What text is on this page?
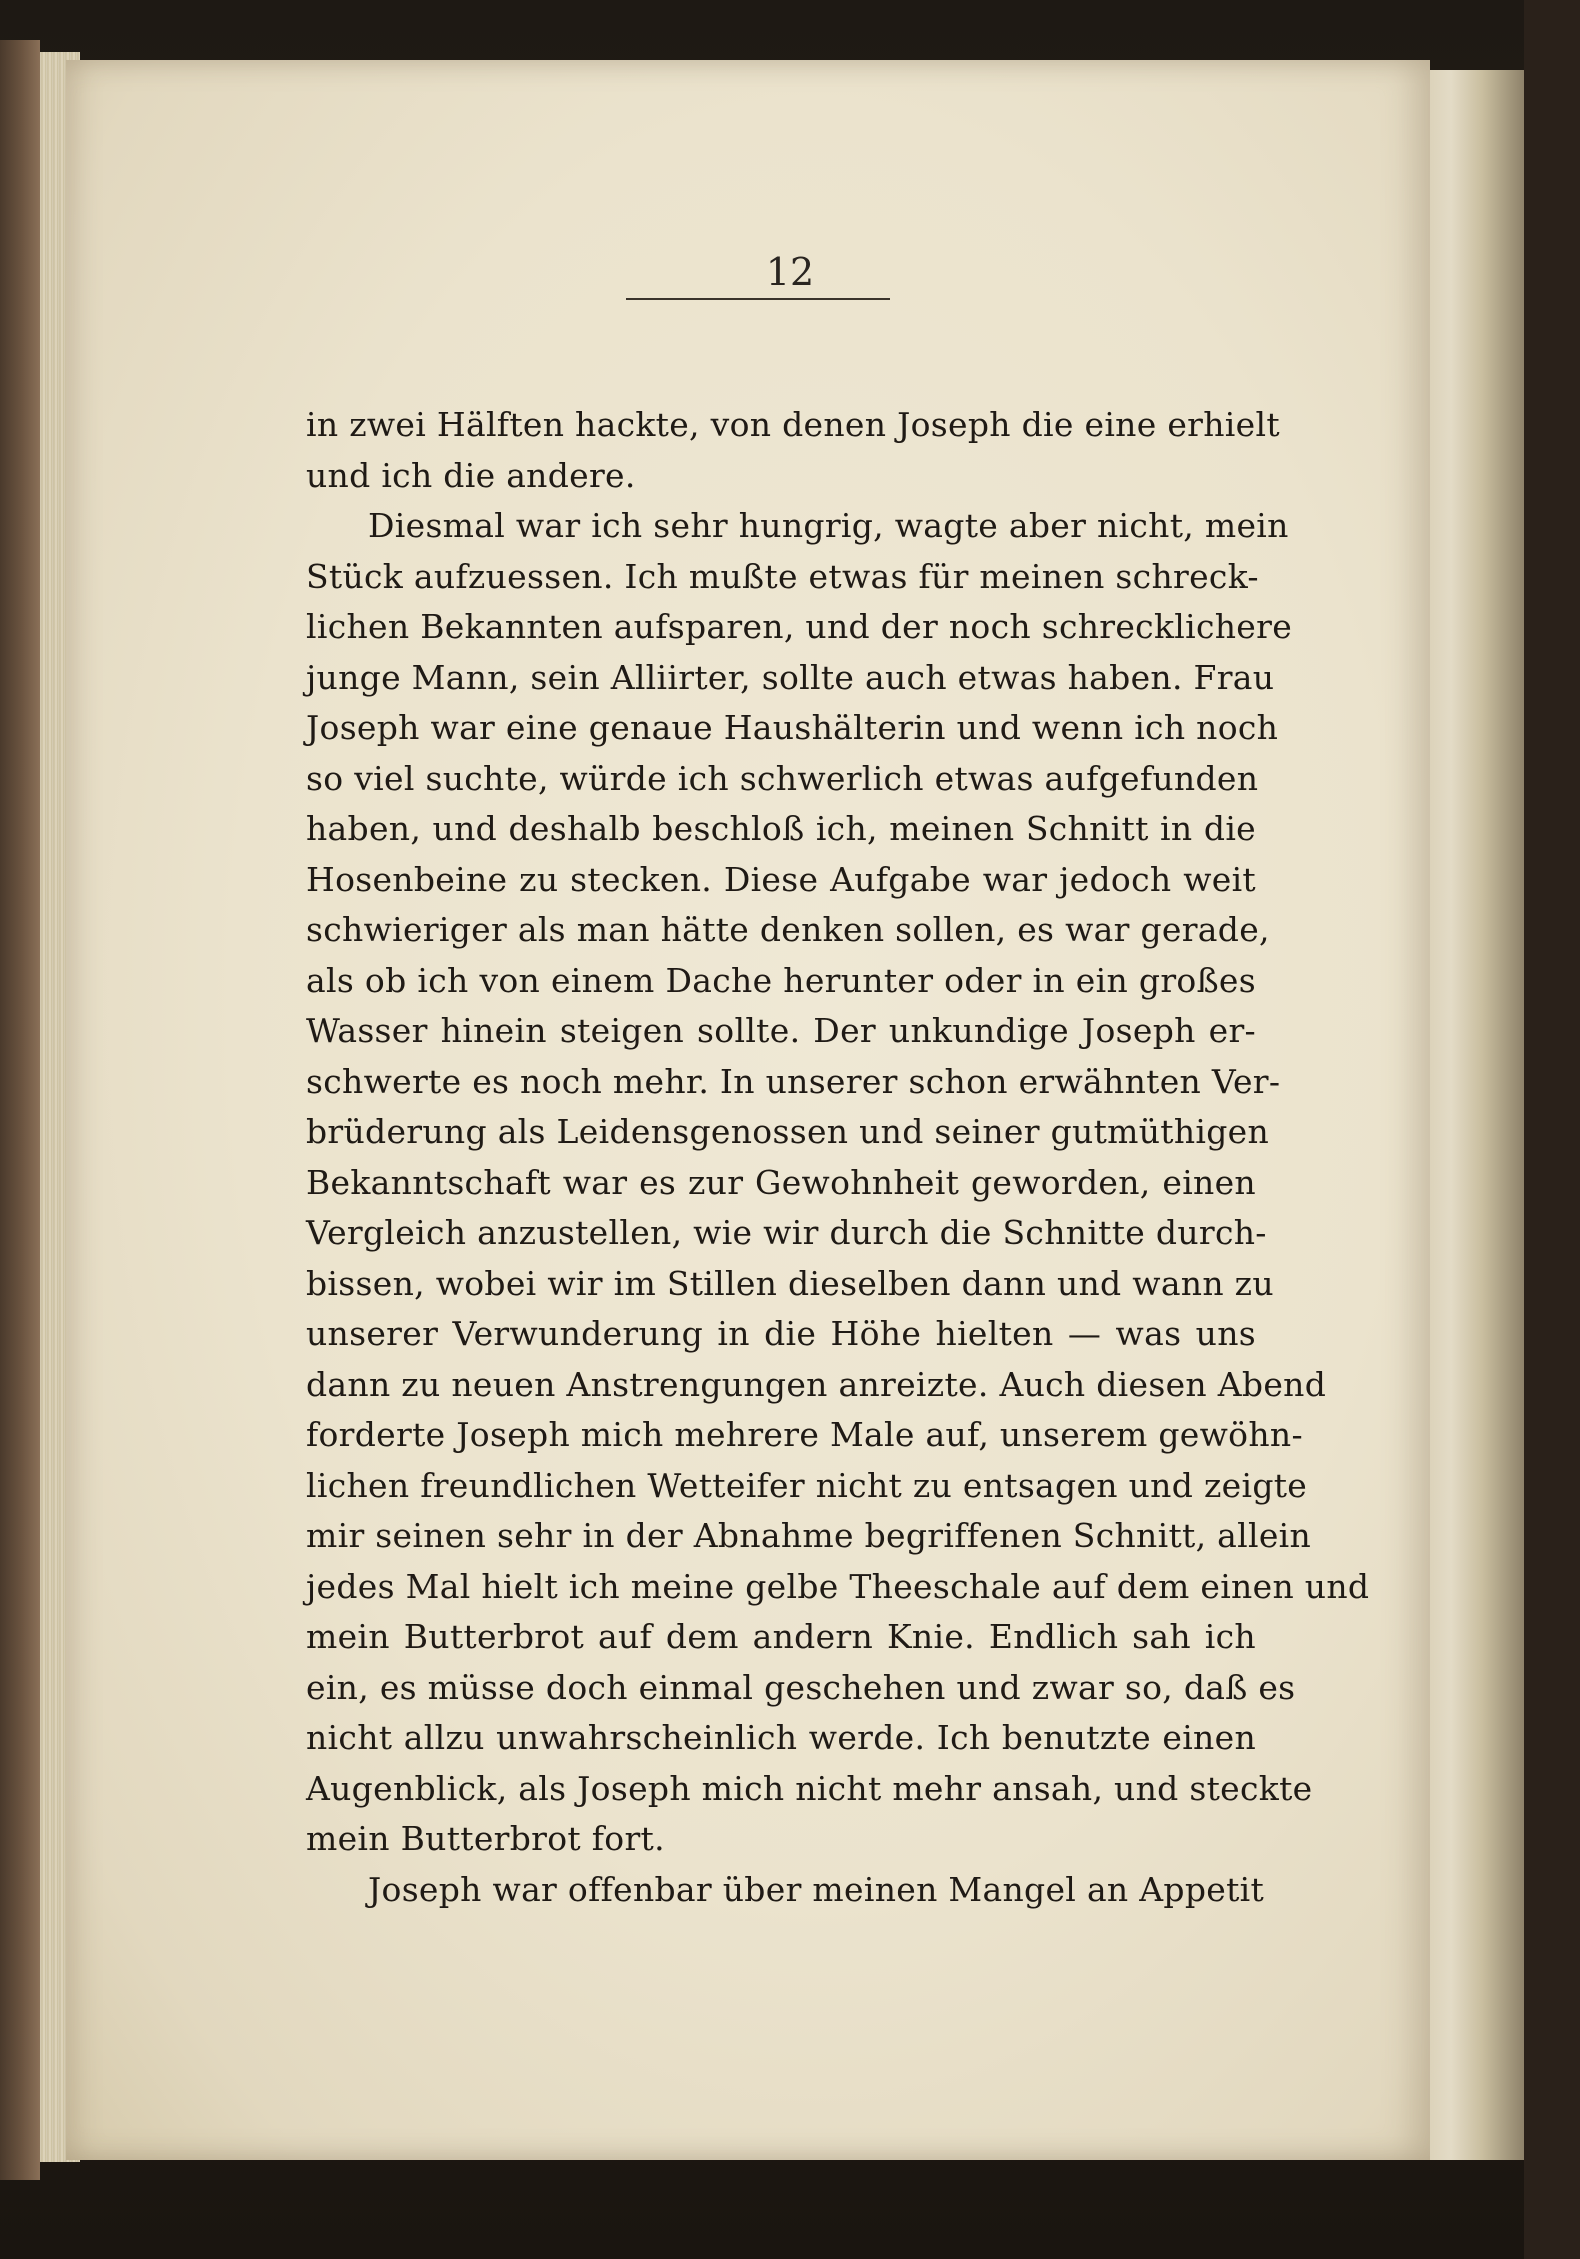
12
in zwei Hälften hackte, von denen Joseph die eine erhielt
und ich die andere.
Diesmal war ich sehr hungrig, wagte aber nicht, mein
Stück aufzuessen. Ich mußte etwas für meinen schreck-
lichen Bekannten aufsparen, und der noch schrecklichere
junge Mann, sein Alliirter, sollte auch etwas haben. Frau
Joseph war eine genaue Haushälterin und wenn ich noch
so viel suchte, würde ich schwerlich etwas aufgefunden
haben, und deshalb beschloß ich, meinen Schnitt in die
Hosenbeine zu stecken. Diese Aufgabe war jedoch weit
schwieriger als man hätte denken sollen, es war gerade,
als ob ich von einem Dache herunter oder in ein großes
Wasser hinein steigen sollte. Der unkundige Joseph er-
schwerte es noch mehr. In unserer schon erwähnten Ver-
brüderung als Leidensgenossen und seiner gutmüthigen
Bekanntschaft war es zur Gewohnheit geworden, einen
Vergleich anzustellen, wie wir durch die Schnitte durch-
bissen, wobei wir im Stillen dieselben dann und wann zu
unserer Verwunderung in die Höhe hielten — was uns
dann zu neuen Anstrengungen anreizte. Auch diesen Abend
forderte Joseph mich mehrere Male auf, unserem gewöhn-
lichen freundlichen Wetteifer nicht zu entsagen und zeigte
mir seinen sehr in der Abnahme begriffenen Schnitt, allein
jedes Mal hielt ich meine gelbe Theeschale auf dem einen und
mein Butterbrot auf dem andern Knie. Endlich sah ich
ein, es müsse doch einmal geschehen und zwar so, daß es
nicht allzu unwahrscheinlich werde. Ich benutzte einen
Augenblick, als Joseph mich nicht mehr ansah, und steckte
mein Butterbrot fort.
Joseph war offenbar über meinen Mangel an Appetit
